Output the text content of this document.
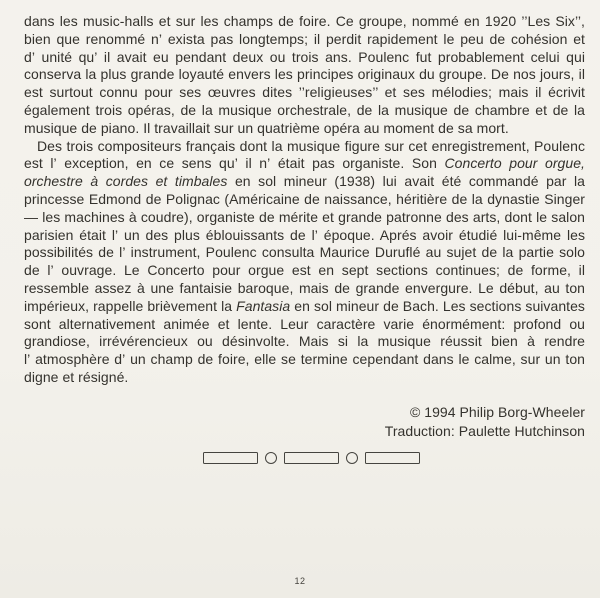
dans les music-halls et sur les champs de foire. Ce groupe, nommé en 1920 ’’Les Six’’, bien que renommé n’ exista pas longtemps; il perdit rapidement le peu de cohésion et d’ unité qu’ il avait eu pendant deux ou trois ans. Poulenc fut probablement celui qui conserva la plus grande loyauté envers les principes originaux du groupe. De nos jours, il est surtout connu pour ses œuvres dites ’’religieuses’’ et ses mélodies; mais il écrivit également trois opéras, de la musique orchestrale, de la musique de chambre et de la musique de piano. Il travaillait sur un quatrième opéra au moment de sa mort.

Des trois compositeurs français dont la musique figure sur cet enregistrement, Poulenc est l’ exception, en ce sens qu’ il n’ était pas organiste. Son Concerto pour orgue, orchestre à cordes et timbales en sol mineur (1938) lui avait été commandé par la princesse Edmond de Polignac (Américaine de naissance, héritière de la dynastie Singer — les machines à coudre), organiste de mérite et grande patronne des arts, dont le salon parisien était l’ un des plus éblouissants de l’ époque. Aprés avoir étudié lui-même les possibilités de l’ instrument, Poulenc consulta Maurice Duruflé au sujet de la partie solo de l’ ouvrage. Le Concerto pour orgue est en sept sections continues; de forme, il ressemble assez à une fantaisie baroque, mais de grande envergure. Le début, au ton impérieux, rappelle brièvement la Fantasia en sol mineur de Bach. Les sections suivantes sont alternativement animée et lente. Leur caractère varie énormément: profond ou grandiose, irrévérencieux ou désinvolte. Mais si la musique réussit bien à rendre l’ atmosphère d’ un champ de foire, elle se termine cependant dans le calme, sur un ton digne et résigné.

© 1994 Philip Borg-Wheeler
Traduction: Paulette Hutchinson
12
